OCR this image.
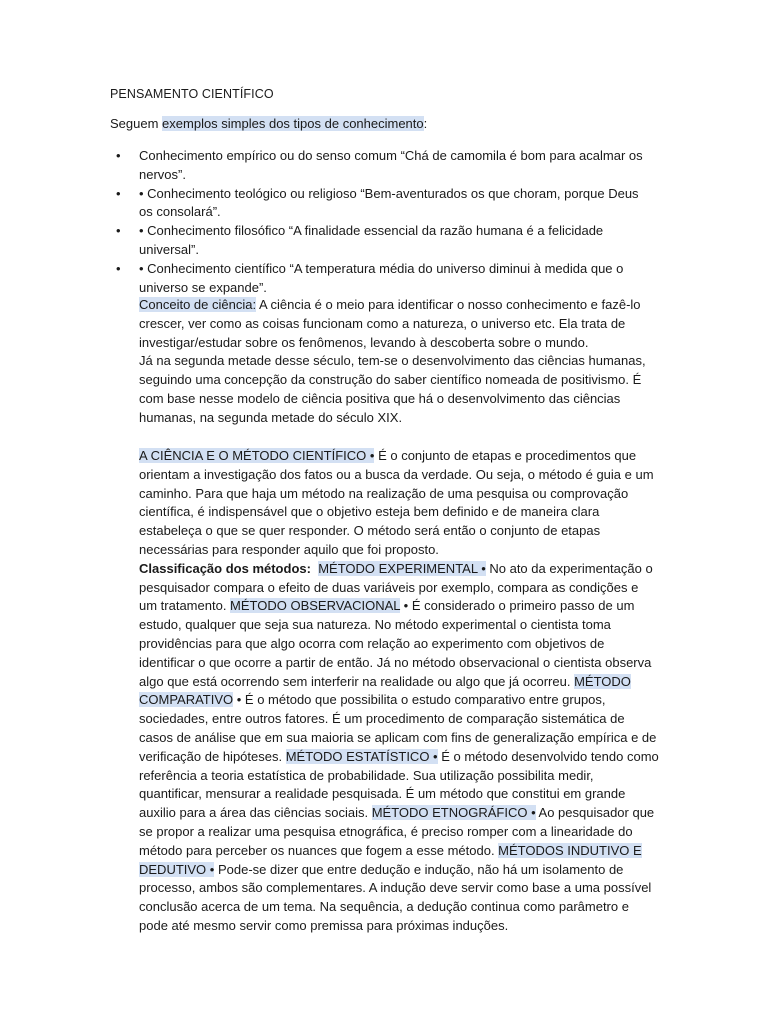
PENSAMENTO CIENTÍFICO
Seguem exemplos simples dos tipos de conhecimento:
• Conhecimento empírico ou do senso comum “Chá de camomila é bom para acalmar os nervos”.
• • Conhecimento teológico ou religioso “Bem-aventurados os que choram, porque Deus os consolará”.
• • Conhecimento filosófico “A finalidade essencial da razão humana é a felicidade universal”.
• • Conhecimento científico “A temperatura média do universo diminui à medida que o universo se expande”.
Conceito de ciência: A ciência é o meio para identificar o nosso conhecimento e fazê-lo crescer, ver como as coisas funcionam como a natureza, o universo etc. Ela trata de investigar/estudar sobre os fenômenos, levando à descoberta sobre o mundo.
Já na segunda metade desse século, tem-se o desenvolvimento das ciências humanas, seguindo uma concepção da construção do saber científico nomeada de positivismo. É com base nesse modelo de ciência positiva que há o desenvolvimento das ciências humanas, na segunda metade do século XIX.
A CIÊNCIA E O MÉTODO CIENTÍFICO • É o conjunto de etapas e procedimentos que orientam a investigação dos fatos ou a busca da verdade. Ou seja, o método é guia e um caminho. Para que haja um método na realização de uma pesquisa ou comprovação científica, é indispensável que o objetivo esteja bem definido e de maneira clara estabeleça o que se quer responder. O método será então o conjunto de etapas necessárias para responder aquilo que foi proposto.
Classificação dos métodos: MÉTODO EXPERIMENTAL • No ato da experimentação o pesquisador compara o efeito de duas variáveis por exemplo, compara as condições e um tratamento. MÉTODO OBSERVACIONAL • É considerado o primeiro passo de um estudo, qualquer que seja sua natureza. No método experimental o cientista toma providências para que algo ocorra com relação ao experimento com objetivos de identificar o que ocorre a partir de então. Já no método observacional o cientista observa algo que está ocorrendo sem interferir na realidade ou algo que já ocorreu. MÉTODO COMPARATIVO • É o método que possibilita o estudo comparativo entre grupos, sociedades, entre outros fatores. É um procedimento de comparação sistemática de casos de análise que em sua maioria se aplicam com fins de generalização empírica e de verificação de hipóteses. MÉTODO ESTATÍSTICO • É o método desenvolvido tendo como referência a teoria estatística de probabilidade. Sua utilização possibilita medir, quantificar, mensurar a realidade pesquisada. É um método que constitui em grande auxilio para a área das ciências sociais. MÉTODO ETNOGRÁFICO • Ao pesquisador que se propor a realizar uma pesquisa etnográfica, é preciso romper com a linearidade do método para perceber os nuances que fogem a esse método. MÉTODOS INDUTIVO E DEDUTIVO • Pode-se dizer que entre dedução e indução, não há um isolamento de processo, ambos são complementares. A indução deve servir como base a uma possível conclusão acerca de um tema. Na sequência, a dedução continua como parâmetro e pode até mesmo servir como premissa para próximas induções.
